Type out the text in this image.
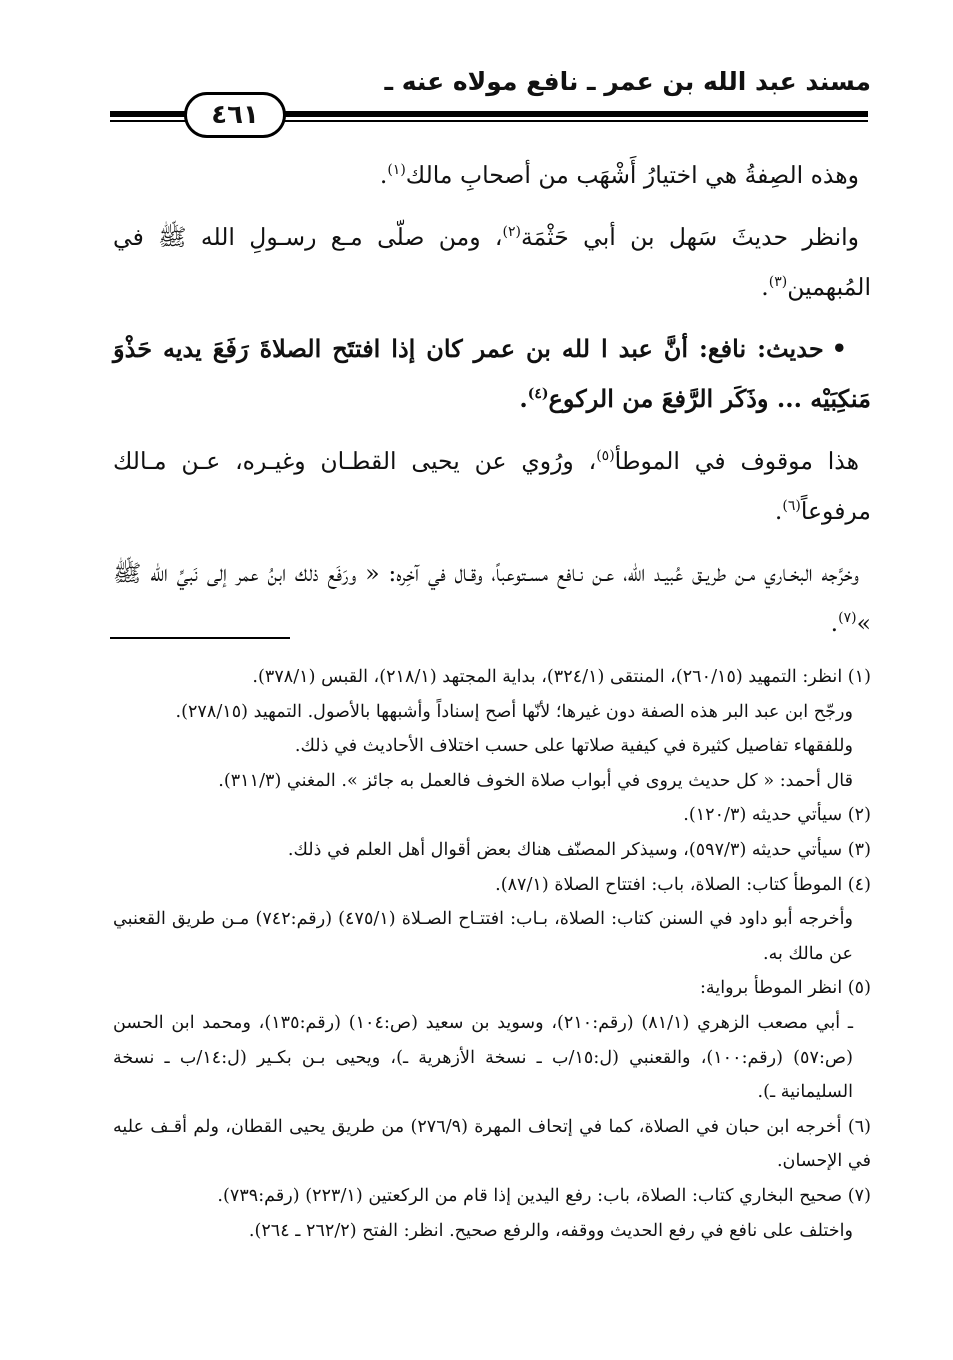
مسند عبد الله بن عمر ـ نافع مولاه عنه ـ
٤٦١

وهذه الصِفةُ هي اختيارُ أَشْهَب من أصحابِ مالك$^{(١)}$.

وانظر حديثَ سَهل بن أبي حَثْمَة$^{(٢)}$، ومن صلّى مـع رسـولِ الله ﷺ في المُبهمين$^{(٣)}$.

•حديث: نافع: أنَّ عبد ا لله بن عمر كان إذا افتتَح الصلاةَ رَفَعَ يديه حَذْوَ مَنكِبَيْه ... وذَكَر الرَّفعَ من الركوع$^{(٤)}$.

هذا موقوف في الموطأ$^{(٥)}$، ورُوي عن يحيى القطـان وغيـره، عـن مـالك مرفوعاً$^{(٦)}$.

وخرَّجه البخـاري مـن طريـق عُبيـد الله، عـن نـافع مسـتوعباً، وقـال في آخِره: « ورَفَع ذلك ابنُ عمر إلى نَبيِّ الله ﷺ »$^{(٧)}$.

(١) انظر: التمهيد (٢٦٠/١٥)، المنتقى (٣٢٤/١)، بداية المجتهد (٢١٨/١)، القبس (٣٧٨/١).

ورجّح ابن عبد البر هذه الصفة دون غيرها؛ لأنّها أصح إسناداً وأشبهها بالأصول. التمهيد (٢٧٨/١٥).

وللفقهاء تفاصيل كثيرة في كيفية صلاتها على حسب اختلاف الأحاديث في ذلك.

قال أحمد: « كل حديث يروى في أبواب صلاة الخوف فالعمل به جائز ». المغني (٣١١/٣).

(٢) سيأتي حديثه (١٢٠/٣).

(٣) سيأتي حديثه (٥٩٧/٣)، وسيذكر المصنّف هناك بعض أقوال أهل العلم في ذلك.

(٤) الموطأ كتاب: الصلاة، باب: افتتاح الصلاة (٨٧/١).

وأخرجه أبو داود في السنن كتاب: الصلاة، بـاب: افتتـاح الصـلاة (٤٧٥/١) (رقم:٧٤٢) مـن طريق القعنبي عن مالك به.

(٥) انظر الموطأ برواية:

ـ أبي مصعب الزهري (٨١/١) (رقم:٢١٠)، وسويد بن سعيد (ص:١٠٤) (رقم:١٣٥)، ومحمد ابن الحسن (ص:٥٧) (رقم:١٠٠)، والقعنبي (ل:١٥/ب ـ نسخة الأزهرية ـ)، ويحيى بـن بكـير (ل:١٤/ب ـ نسخة السليمانية ـ).

(٦) أخرجه ابن حبان في الصلاة، كما في إتحاف المهرة (٢٧٦/٩) من طريق يحيى القطان، ولم أقـف عليه في الإحسان.

(٧) صحيح البخاري كتاب: الصلاة، باب: رفع اليدين إذا قام من الركعتين (٢٢٣/١) (رقم:٧٣٩).

واختلف على نافع في رفع الحديث ووقفه، والرفع صحيح. انظر: الفتح (٢٦٢/٢ ـ ٢٦٤).
